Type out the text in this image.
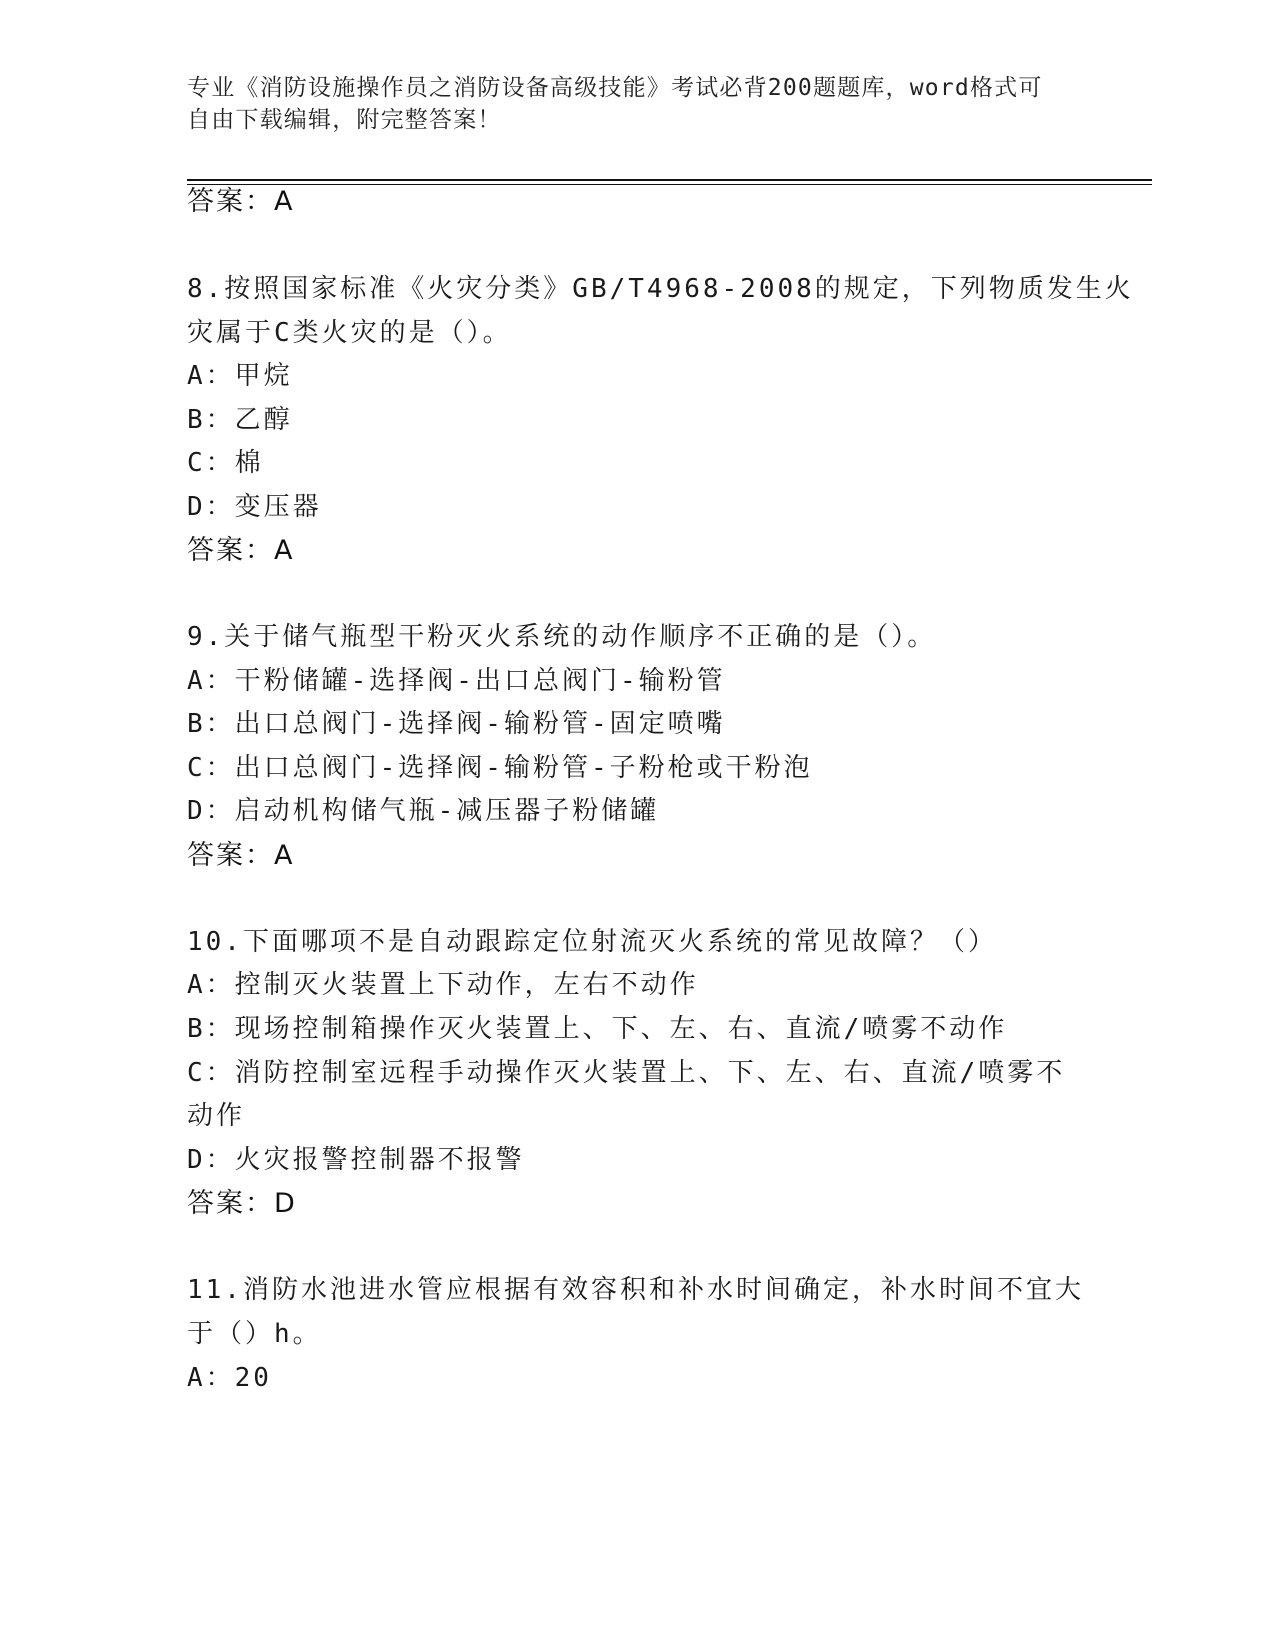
专业《消防设施操作员之消防设备高级技能》考试必背200题题库，word格式可
自由下载编辑，附完整答案！
答案：A
8.按照国家标准《火灾分类》GB/T4968-2008的规定，下列物质发生火
灾属于C类火灾的是（）。
A：甲烷
B：乙醇
C：棉
D：变压器
答案：A
9.关于储气瓶型干粉灭火系统的动作顺序不正确的是（）。
A：干粉储罐-选择阀-出口总阀门-输粉管
B：出口总阀门-选择阀-输粉管-固定喷嘴
C：出口总阀门-选择阀-输粉管-子粉枪或干粉泡
D：启动机构储气瓶-减压器子粉储罐
答案：A
10.下面哪项不是自动跟踪定位射流灭火系统的常见故障？（）
A：控制灭火装置上下动作，左右不动作
B：现场控制箱操作灭火装置上、下、左、右、直流/喷雾不动作
C：消防控制室远程手动操作灭火装置上、下、左、右、直流/喷雾不
动作
D：火灾报警控制器不报警
答案：D
11.消防水池进水管应根据有效容积和补水时间确定，补水时间不宜大
于（）h。
A：20
